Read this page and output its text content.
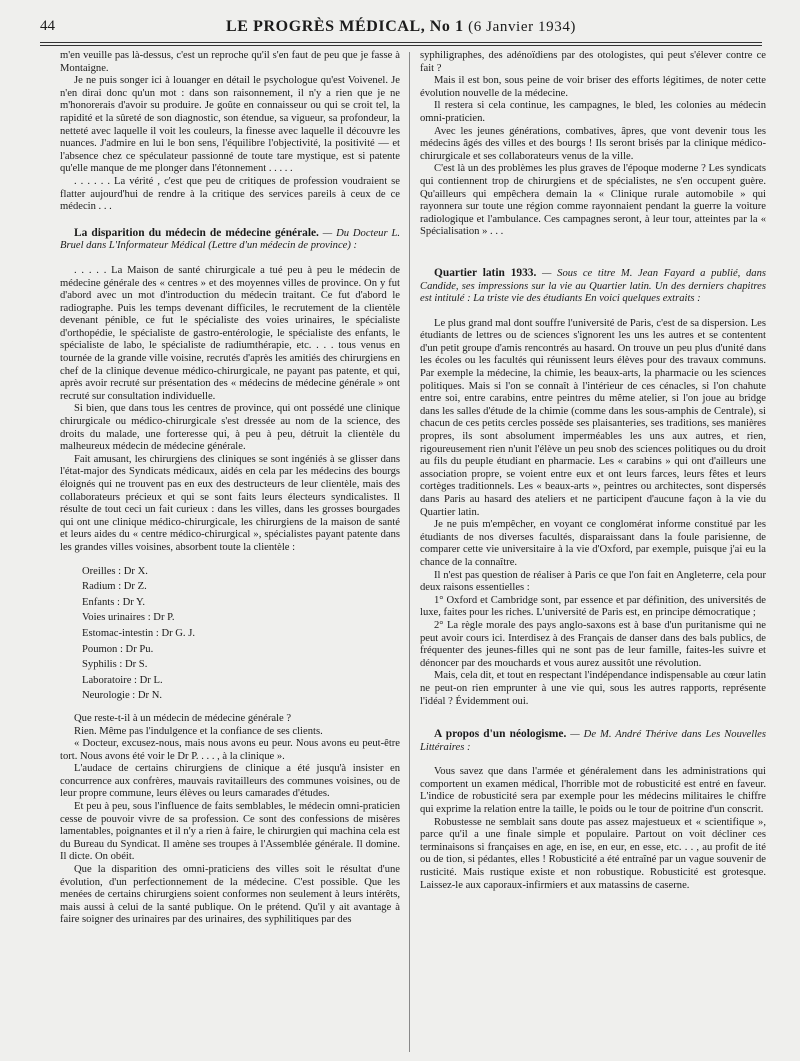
44	LE PROGRÈS MÉDICAL, No 1 (6 Janvier 1934)

m'en veuille pas là-dessus, c'est un reproche qu'il s'en faut de peu que je fasse à Montaigne.

Je ne puis songer ici à louanger en détail le psychologue qu'est Voivenel. Je n'en dirai donc qu'un mot : dans son raisonnement, il n'y a rien que je ne m'honorerais d'avoir su produire. Je goûte en connaisseur ou qui se croit tel, la rapidité et la sûreté de son diagnostic, son étendue, sa vigueur, sa profondeur, la netteté avec laquelle il voit les couleurs, la finesse avec laquelle il découvre les nuances. J'admire en lui le bon sens, l'équilibre l'objectivité, la positivité — et l'absence chez ce spéculateur passionné de toute tare mystique, est si patente qu'elle manque de me plonger dans l'étonnement . . . . .

. . . . . . La vérité , c'est que peu de critiques de profession voudraient se flatter aujourd'hui de rendre à la critique des services pareils à ceux de ce médecin . . .

La disparition du médecin de médecine générale. — Du Docteur L. Bruel dans L'Informateur Médical (Lettre d'un médecin de province) :

. . . . . La Maison de santé chirurgicale a tué peu à peu le médecin de médecine générale des « centres » et des moyennes villes de province. On y fut d'abord avec un mot d'introduction du médecin traitant. Ce fut d'abord le radiographe. Puis les temps devenant difficiles, le recrutement de la clientèle devenant pénible, ce fut le spécialiste des voies urinaires, le spécialiste d'orthopédie, le spécialiste de gastro-entérologie, le spécialiste des enfants, le spécialiste de labo, le spécialiste de radiumthérapie, etc. . . . tous venus en tournée de la grande ville voisine, recrutés d'après les amitiés des chirurgiens en chef de la clinique devenue médico-chirurgicale, ne payant pas patente, et qui, après avoir recruté sur présentation des « médecins de médecine générale » ont recruté sur consultation individuelle.

Si bien, que dans tous les centres de province, qui ont possédé une clinique chirurgicale ou médico-chirurgicale s'est dressée au nom de la science, des droits du malade, une forteresse qui, à peu à peu, détruit la clientèle du malheureux médecin de médecine générale.

Fait amusant, les chirurgiens des cliniques se sont ingéniés à se glisser dans l'état-major des Syndicats médicaux, aidés en cela par les médecins des bourgs éloignés qui ne trouvent pas en eux des destructeurs de leur clientèle, mais des collaborateurs précieux et qui se sont faits leurs électeurs syndicalistes. Il résulte de tout ceci un fait curieux : dans les villes, dans les grosses bourgades qui ont une clinique médico-chirurgicale, les chirurgiens de la maison de santé et leurs aides du « centre médico-chirurgical », spécialistes payant patente dans les grandes villes voisines, absorbent toute la clientèle :

Oreilles : Dr X.
Radium : Dr Z.
Enfants : Dr Y.
Voies urinaires : Dr P.
Estomac-intestin : Dr G. J.
Poumon : Dr Pu.
Syphilis : Dr S.
Laboratoire : Dr L.
Neurologie : Dr N.

Que reste-t-il à un médecin de médecine générale ?

Rien. Même pas l'indulgence et la confiance de ses clients.

« Docteur, excusez-nous, mais nous avons eu peur. Nous avons eu peut-être tort. Nous avons été voir le Dr P. . . . , à la clinique ».

L'audace de certains chirurgiens de clinique a été jusqu'à insister en concurrence aux confrères, mauvais ravitailleurs des communes voisines, ou de leur propre commune, leurs élèves ou leurs camarades d'études.

Et peu à peu, sous l'influence de faits semblables, le médecin omni-praticien cesse de pouvoir vivre de sa profession. Ce sont des confessions de misères lamentables, poignantes et il n'y a rien à faire, le chirurgien qui machina cela est du Bureau du Syndicat. Il amène ses troupes à l'Assemblée générale. Il domine. Il dicte. On obéit.

Que la disparition des omni-praticiens des villes soit le résultat d'une évolution, d'un perfectionnement de la médecine. C'est possible. Que les menées de certains chirurgiens soient conformes non seulement à leurs intérêts, mais aussi à celui de la santé publique. On le prétend. Qu'il y ait avantage à faire soigner des urinaires par des urinaires, des syphilitiques par des

syphiligraphes, des adénoïdiens par des otologistes, qui peut s'élever contre ce fait ?

Mais il est bon, sous peine de voir briser des efforts légitimes, de noter cette évolution nouvelle de la médecine.

Il restera si cela continue, les campagnes, le bled, les colonies au médecin omni-praticien.

Avec les jeunes générations, combatives, âpres, que vont devenir tous les médecins âgés des villes et des bourgs ! Ils seront brisés par la clinique médico-chirurgicale et ses collaborateurs venus de la ville.

C'est là un des problèmes les plus graves de l'époque moderne ? Les syndicats qui contiennent trop de chirurgiens et de spécialistes, ne s'en occupent guère. Qu'ailleurs qui empêchera demain la « Clinique rurale automobile » qui rayonnera sur toute une région comme rayonnaient pendant la guerre la voiture radiologique et l'ambulance. Ces campagnes seront, à leur tour, atteintes par la « Spécialisation » . . .

Quartier latin 1933. — Sous ce titre M. Jean Fayard a publié, dans Candide, ses impressions sur la vie au Quartier latin. Un des derniers chapitres est intitulé : La triste vie des étudiants En voici quelques extraits :

Le plus grand mal dont souffre l'université de Paris, c'est de sa dispersion. Les étudiants de lettres ou de sciences s'ignorent les uns les autres et se contentent d'un petit groupe d'amis rencontrés au hasard. On trouve un peu plus d'unité dans les écoles ou les facultés qui réunissent leurs élèves pour des travaux communs. Par exemple la médecine, la chimie, les beaux-arts, la pharmacie ou les sciences politiques. Mais si l'on se connaît à l'intérieur de ces cénacles, si l'on chahute entre soi, entre carabins, entre peintres du même atelier, si l'on joue au bridge dans les salles d'étude de la chimie (comme dans les sous-amphis de Centrale), si chacun de ces petits cercles possède ses plaisanteries, ses traditions, ses manières propres, ils sont absolument imperméables les uns aux autres, et rien, rigoureusement rien n'unit l'élève un peu snob des sciences politiques ou du droit au fils du peuple étudiant en pharmacie. Les « carabins » qui ont d'ailleurs une association propre, se voient entre eux et ont leurs farces, leurs fêtes et leurs cortèges traditionnels. Les « beaux-arts », peintres ou architectes, sont dispersés dans Paris au hasard des ateliers et ne participent d'aucune façon à la vie du Quartier latin.

Je ne puis m'empêcher, en voyant ce conglomérat informe constitué par les étudiants de nos diverses facultés, disparaissant dans la foule parisienne, de comparer cette vie universitaire à la vie d'Oxford, par exemple, puisque j'ai eu la chance de la connaître.

Il n'est pas question de réaliser à Paris ce que l'on fait en Angleterre, cela pour deux raisons essentielles :

1° Oxford et Cambridge sont, par essence et par définition, des universités de luxe, faites pour les riches. L'université de Paris est, en principe démocratique ;

2° La règle morale des pays anglo-saxons est à base d'un puritanisme qui ne peut avoir cours ici. Interdisez à des Français de danser dans des bals publics, de fréquenter des jeunes-filles qui ne sont pas de leur famille, faites-les suivre et dénoncer par des mouchards et vous aurez aussitôt une révolution.

Mais, cela dit, et tout en respectant l'indépendance indispensable au cœur latin ne peut-on rien emprunter à une vie qui, sous les autres rapports, représente l'idéal ? Évidemment oui.

A propos d'un néologisme. — De M. André Thérive dans Les Nouvelles Littéraires :

Vous savez que dans l'armée et généralement dans les administrations qui comportent un examen médical, l'horrible mot de robusticité est entré en faveur. L'indice de robusticité sera par exemple pour les médecins militaires le chiffre qui exprime la relation entre la taille, le poids ou le tour de poitrine d'un conscrit.

Robustesse ne semblait sans doute pas assez majestueux et « scientifique », parce qu'il a une finale simple et populaire. Partout on voit décliner ces terminaisons si françaises en age, en ise, en eur, en esse, etc. . . , au profit de ité ou de tion, si pédantes, elles ! Robusticité a été entraîné par un vague souvenir de rusticité. Mais rustique existe et non robustique. Robusticité est grotesque. Laissez-le aux caporaux-infirmiers et aux matassins de caserne.
